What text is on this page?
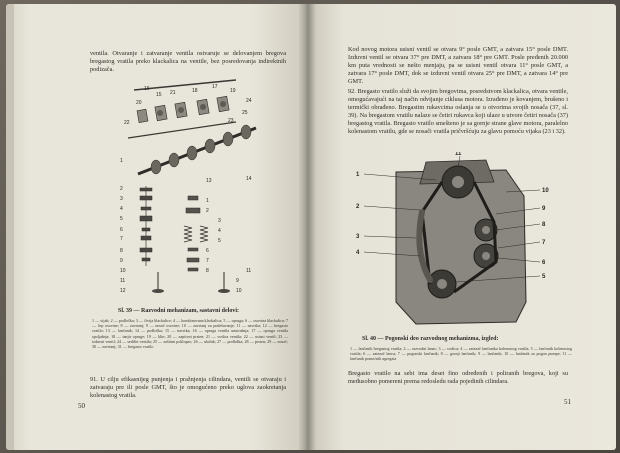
ventila. Otvaranje i zatvaranje ventila ostvaruje se delovanjem bregova bregastog vratila preko klackalica na ventile, bez posredovanja indirektnih podizača.
16
15
20
21	18
17
19
22	23
25
24
1
2
3
4
5
6
7
8
9
10
11
12
13	14
1
2
3
4
5
6
7
8
9
10
11
Sl. 39 — Razvodni mehanizam, sastavni delovi:
1 — vijak; 2 — podloška; 3 — čivija klackalice; 4 — kombinovana klackalica; 5 — opruga; 6 — osovina klackalica; 7 — čep osovine; 8 — zavrtanj; 9 — nosač osovine; 10 — zavrtanj za podešavanje; 11 — navrtka; 12 — bregasto vratilo; 13 — lančanik; 14 — podloška; 15 — navrtka; 16 — opruga ventila unutrašnja; 17 — opruga ventila spoljašnja; 18 — tanjir opruge; 19 — klin; 20 — zaptivni prsten; 21 — vodica ventila; 22 — usisni ventil; 23 — izduvni ventil; 24 — sedište ventila; 25 — zaštitni poklopac; 26 — uložak; 27 — podloška; 28 — prsten; 29 — nosač; 30 — zavrtanj; 31 — bregasto vratilo
91. U cilju efikasnijeg punjenja i pražnjenja cilindara, ventili se otvaraju i zatvaraju pre ili posle GMT, što je omogućeno preko uglova zaokretanja kolenastog vratila.
50
Kod novog motora usisni ventil se otvara 9° posle GMT, a zatvara 15° posle DMT. Izduvni ventil se otvara 37° pre DMT, a zatvara 18° pre GMT. Posle pređenih 20.000 km puta vrednosti se nešto menjaju, pa se usisni ventil otvara 11° posle GMT, a zatvara 17° posle DMT, dok se izduvni ventil otvara 25° pre DMT, a zatvara 14° pre GMT.
92. Bregasto vratilo služi da svojim bregovima, posredstvom klackalica, otvara ventile, omogućavajući na taj način odvijanje ciklusa motora. Izrađeno je kovanjem, brušeno i termički obrađeno. Bregastim rukavcima oslanja se u otvorima svojih nosača (37, sl. 39). Na bregastom vratilu nalaze se četiri rukavca koji ulaze u utvore četiri nosača (37) bregastog vratila. Bregasto vratilo smešteno je sa gornje strane glave motora, paralelno kolenastom vratilu, gde se nosači vratila pričvršćuju za glavu pomoću vijaka (23 i 32).
1
2
3
4
11
10
9
8
7
6
5
Sl. 40 — Pogonski deo razvodnog mehanizma, izgled:
1 — lančanik bregastog vratila; 2 — razvodni lanac; 3 — vodica; 4 — zatezač lančanika kolenastog vratila; 5 — lančanik kolenastog vratila; 6 — zatezač lanca; 7 — pogonski lančanik; 8 — gornji lančanik; 9 — lančanik; 10 — lančanik za pogon pumpe; 11 — lančanik pomoćnih agregata
Bregasto vratilo na sebi ima deset fino određenih i poliranih bregova, koji su međusobno pomereni prema redosledu rada pojedinih cilindara.
51
